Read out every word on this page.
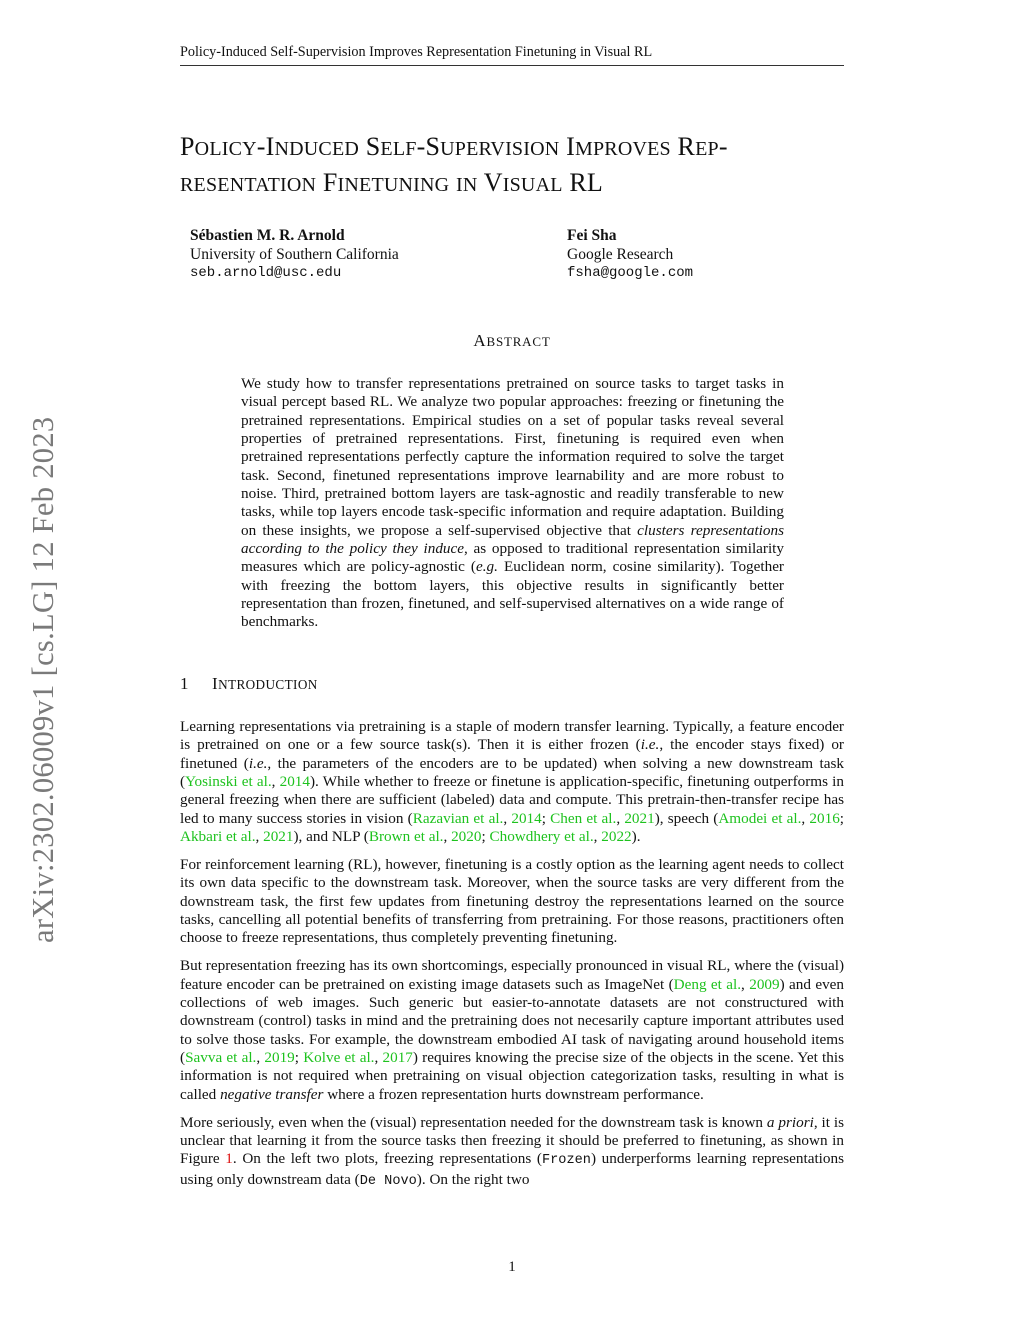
Policy-Induced Self-Supervision Improves Representation Finetuning in Visual RL
arXiv:2302.06009v1 [cs.LG] 12 Feb 2023
POLICY-INDUCED SELF-SUPERVISION IMPROVES REP-
RESENTATION FINETUNING IN VISUAL RL
Sébastien M. R. Arnold
University of Southern California
seb.arnold@usc.edu
Fei Sha
Google Research
fsha@google.com
ABSTRACT

We study how to transfer representations pretrained on source tasks to target tasks in visual percept based RL. We analyze two popular approaches: freezing or finetuning the pretrained representations. Empirical studies on a set of popular tasks reveal several properties of pretrained representations. First, finetuning is required even when pretrained representations perfectly capture the information required to solve the target task. Second, finetuned representations improve learnability and are more robust to noise. Third, pretrained bottom layers are task-agnostic and readily transferable to new tasks, while top layers encode task-specific information and require adaptation. Building on these insights, we propose a self-supervised objective that clusters representations according to the policy they induce, as opposed to traditional representation similarity measures which are policy-agnostic (e.g. Euclidean norm, cosine similarity). Together with freezing the bottom layers, this objective results in significantly better representation than frozen, finetuned, and self-supervised alternatives on a wide range of benchmarks.

1 INTRODUCTION

Learning representations via pretraining is a staple of modern transfer learning. Typically, a feature encoder is pretrained on one or a few source task(s). Then it is either frozen (i.e., the encoder stays fixed) or finetuned (i.e., the parameters of the encoders are to be updated) when solving a new downstream task (Yosinski et al., 2014). While whether to freeze or finetune is application-specific, finetuning outperforms in general freezing when there are sufficient (labeled) data and compute. This pretrain-then-transfer recipe has led to many success stories in vision (Razavian et al., 2014; Chen et al., 2021), speech (Amodei et al., 2016; Akbari et al., 2021), and NLP (Brown et al., 2020; Chowdhery et al., 2022).

For reinforcement learning (RL), however, finetuning is a costly option as the learning agent needs to collect its own data specific to the downstream task. Moreover, when the source tasks are very different from the downstream task, the first few updates from finetuning destroy the representations learned on the source tasks, cancelling all potential benefits of transferring from pretraining. For those reasons, practitioners often choose to freeze representations, thus completely preventing finetuning.

But representation freezing has its own shortcomings, especially pronounced in visual RL, where the (visual) feature encoder can be pretrained on existing image datasets such as ImageNet (Deng et al., 2009) and even collections of web images. Such generic but easier-to-annotate datasets are not constructured with downstream (control) tasks in mind and the pretraining does not necesarily capture important attributes used to solve those tasks. For example, the downstream embodied AI task of navigating around household items (Savva et al., 2019; Kolve et al., 2017) requires knowing the precise size of the objects in the scene. Yet this information is not required when pretraining on visual objection categorization tasks, resulting in what is called negative transfer where a frozen representation hurts downstream performance.

More seriously, even when the (visual) representation needed for the downstream task is known a priori, it is unclear that learning it from the source tasks then freezing it should be preferred to finetuning, as shown in Figure 1. On the left two plots, freezing representations (Frozen) underperforms learning representations using only downstream data (De Novo). On the right two

1
